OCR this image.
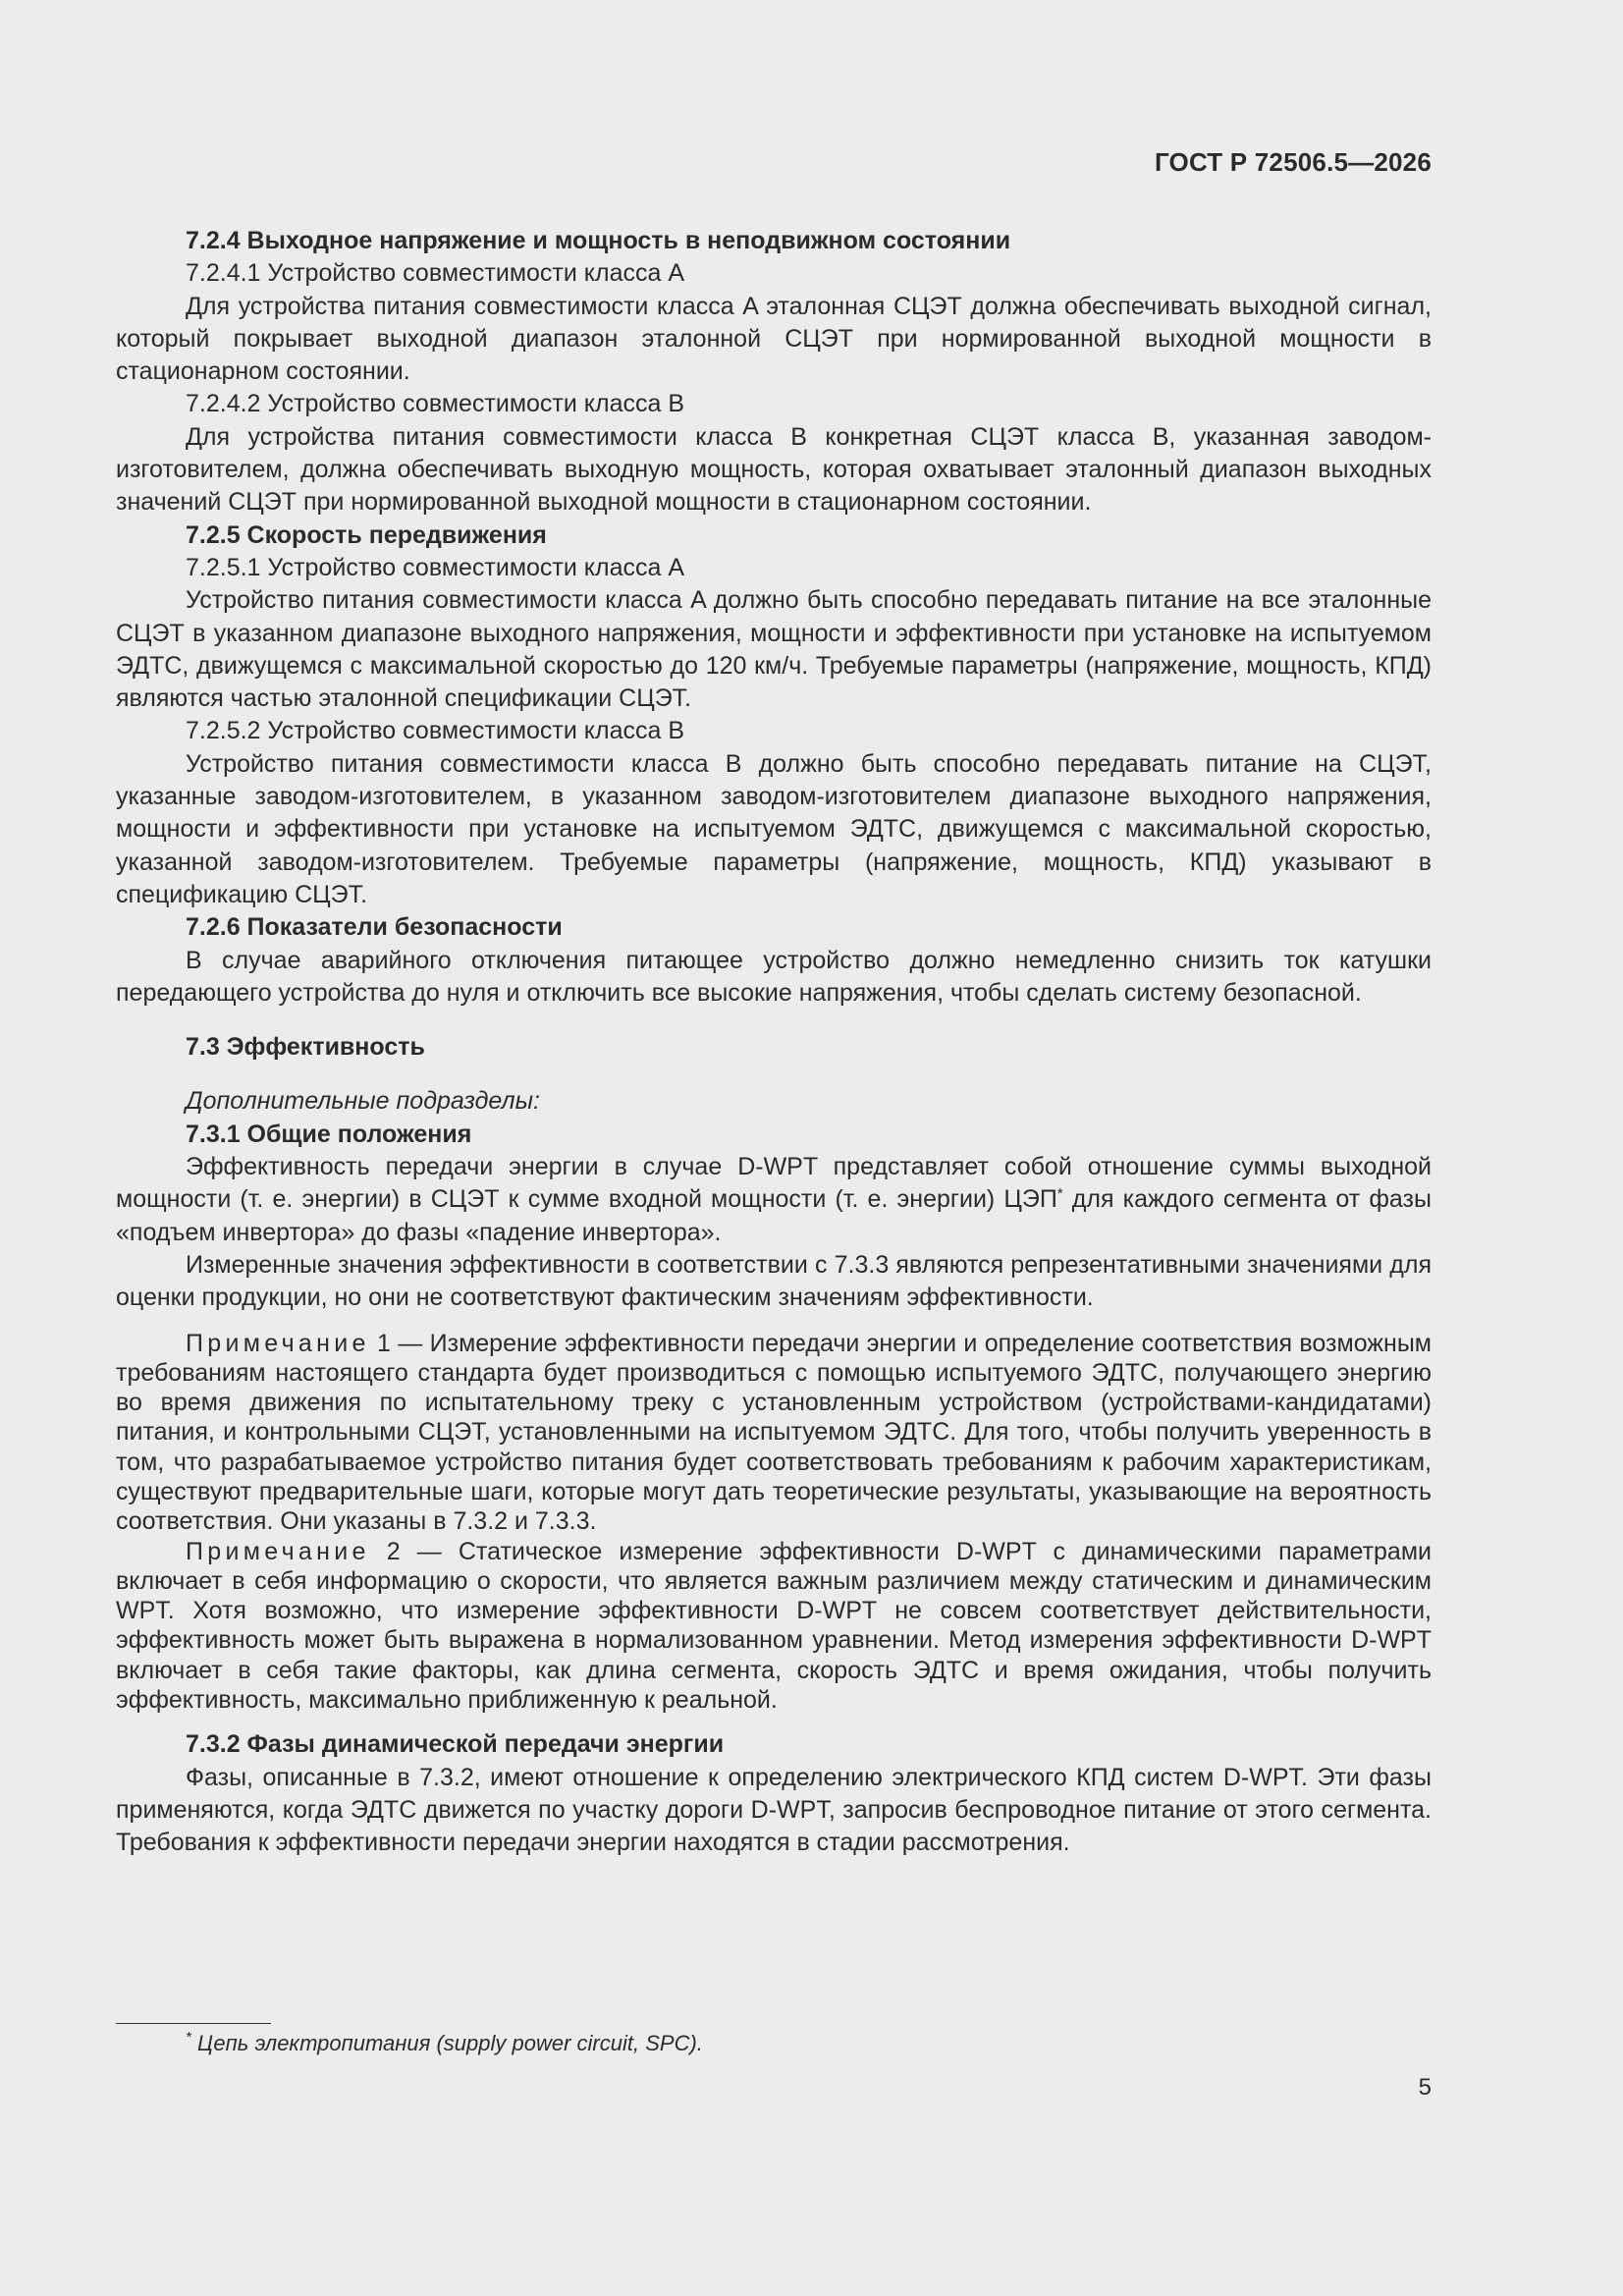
ГОСТ Р 72506.5—2026
7.2.4 Выходное напряжение и мощность в неподвижном состоянии

7.2.4.1 Устройство совместимости класса A

Для устройства питания совместимости класса A эталонная СЦЭТ должна обеспечивать выходной сигнал, который покрывает выходной диапазон эталонной СЦЭТ при нормированной выходной мощности в стационарном состоянии.

7.2.4.2 Устройство совместимости класса B

Для устройства питания совместимости класса B конкретная СЦЭТ класса B, указанная заводом-изготовителем, должна обеспечивать выходную мощность, которая охватывает эталонный диапазон выходных значений СЦЭТ при нормированной выходной мощности в стационарном состоянии.

7.2.5 Скорость передвижения

7.2.5.1 Устройство совместимости класса A

Устройство питания совместимости класса A должно быть способно передавать питание на все эталонные СЦЭТ в указанном диапазоне выходного напряжения, мощности и эффективности при установке на испытуемом ЭДТС, движущемся с максимальной скоростью до 120 км/ч. Требуемые параметры (напряжение, мощность, КПД) являются частью эталонной спецификации СЦЭТ.

7.2.5.2 Устройство совместимости класса B

Устройство питания совместимости класса B должно быть способно передавать питание на СЦЭТ, указанные заводом-изготовителем, в указанном заводом-изготовителем диапазоне выходного напряжения, мощности и эффективности при установке на испытуемом ЭДТС, движущемся с максимальной скоростью, указанной заводом-изготовителем. Требуемые параметры (напряжение, мощность, КПД) указывают в спецификацию СЦЭТ.

7.2.6 Показатели безопасности

В случае аварийного отключения питающее устройство должно немедленно снизить ток катушки передающего устройства до нуля и отключить все высокие напряжения, чтобы сделать систему безопасной.

7.3 Эффективность

Дополнительные подразделы:

7.3.1 Общие положения

Эффективность передачи энергии в случае D-WPT представляет собой отношение суммы выходной мощности (т. е. энергии) в СЦЭТ к сумме входной мощности (т. е. энергии) ЦЭП* для каждого сегмента от фазы «подъем инвертора» до фазы «падение инвертора».

Измеренные значения эффективности в соответствии с 7.3.3 являются репрезентативными значениями для оценки продукции, но они не соответствуют фактическим значениям эффективности.

Примечание 1 — Измерение эффективности передачи энергии и определение соответствия возможным требованиям настоящего стандарта будет производиться с помощью испытуемого ЭДТС, получающего энергию во время движения по испытательному треку с установленным устройством (устройствами-кандидатами) питания, и контрольными СЦЭТ, установленными на испытуемом ЭДТС. Для того, чтобы получить уверенность в том, что разрабатываемое устройство питания будет соответствовать требованиям к рабочим характеристикам, существуют предварительные шаги, которые могут дать теоретические результаты, указывающие на вероятность соответствия. Они указаны в 7.3.2 и 7.3.3.

Примечание 2 — Статическое измерение эффективности D-WPT с динамическими параметрами включает в себя информацию о скорости, что является важным различием между статическим и динамическим WPT. Хотя возможно, что измерение эффективности D-WPT не совсем соответствует действительности, эффективность может быть выражена в нормализованном уравнении. Метод измерения эффективности D-WPT включает в себя такие факторы, как длина сегмента, скорость ЭДТС и время ожидания, чтобы получить эффективность, максимально приближенную к реальной.

7.3.2 Фазы динамической передачи энергии

Фазы, описанные в 7.3.2, имеют отношение к определению электрического КПД систем D-WPT. Эти фазы применяются, когда ЭДТС движется по участку дороги D-WPT, запросив беспроводное питание от этого сегмента. Требования к эффективности передачи энергии находятся в стадии рассмотрения.

* Цепь электропитания (supply power circuit, SPC).
5
